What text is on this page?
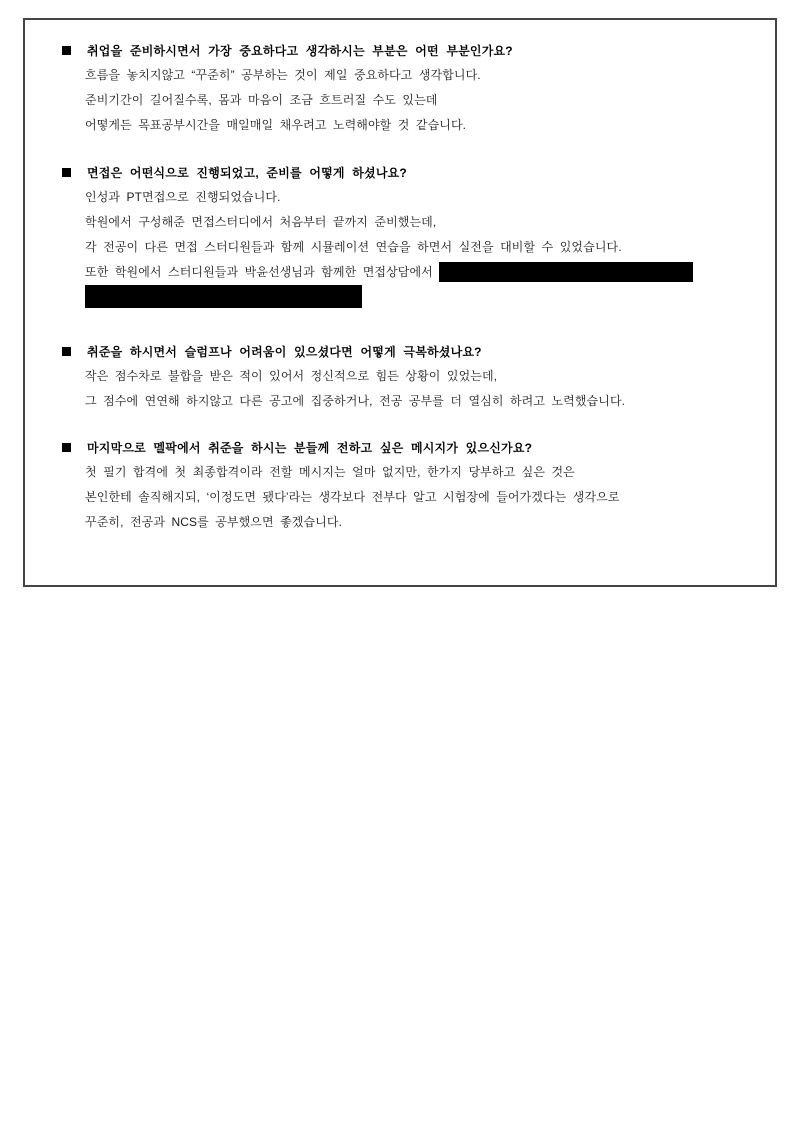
취업을 준비하시면서 가장 중요하다고 생각하시는 부분은 어떤 부분인가요?

흐름을 놓치지않고 “꾸준히” 공부하는 것이 제일 중요하다고 생각합니다.

준비기간이 길어질수록, 몸과 마음이 조금 흐트러질 수도 있는데

어떻게든 목표공부시간을 매일매일 채우려고 노력해야할 것 같습니다.

면접은 어떤식으로 진행되었고, 준비를 어떻게 하셨나요?

인성과 PT면접으로 진행되었습니다.

학원에서 구성해준 면접스터디에서 처음부터 끝까지 준비했는데,

각 전공이 다른 면접 스터디원들과 함께 시뮬레이션 연습을 하면서 실전을 대비할 수 있었습니다.

또한 학원에서 스터디원들과 박윤선생님과 함께한 면접상담에서

취준을 하시면서 슬럼프나 어려움이 있으셨다면 어떻게 극복하셨나요?

작은 점수차로 불합을 받은 적이 있어서 정신적으로 힘든 상황이 있었는데,

그 점수에 연연해 하지않고 다른 공고에 집중하거나, 전공 공부를 더 열심히 하려고 노력했습니다.

마지막으로 멜팍에서 취준을 하시는 분들께 전하고 싶은 메시지가 있으신가요?

첫 필기 합격에 첫 최종합격이라 전할 메시지는 얼마 없지만, 한가지 당부하고 싶은 것은

본인한테 솔직해지되, ‘이정도면 됐다’라는 생각보다 전부다 알고 시험장에 들어가겠다는 생각으로

꾸준히, 전공과 NCS를 공부했으면 좋겠습니다.
